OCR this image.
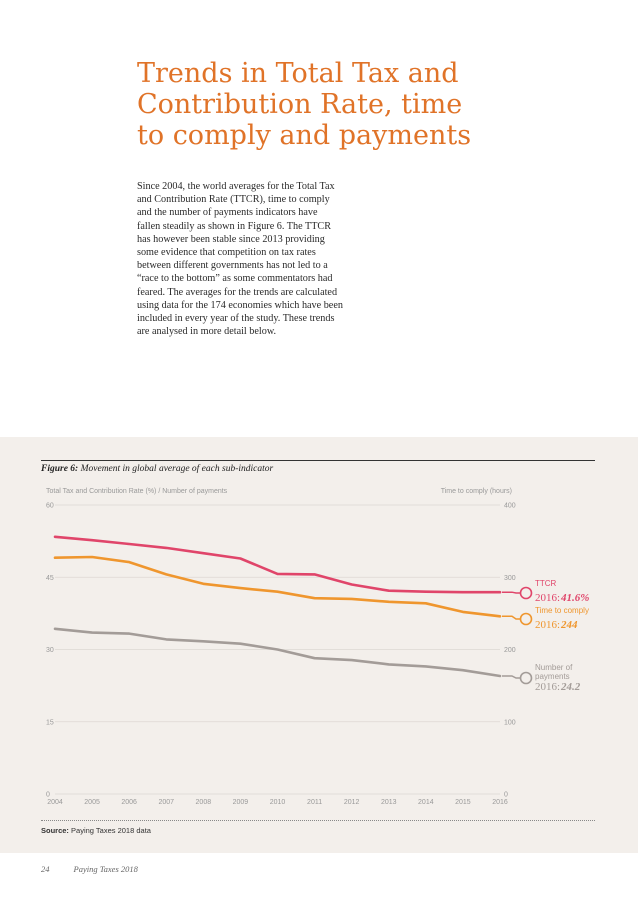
Trends in Total Tax and
Contribution Rate, time
to comply and payments
Since 2004, the world averages for the Total Tax
and Contribution Rate (TTCR), time to comply
and the number of payments indicators have
fallen steadily as shown in Figure 6. The TTCR
has however been stable since 2013 providing
some evidence that competition on tax rates
between different governments has not led to a
“race to the bottom” as some commentators had
feared. The averages for the trends are calculated
using data for the 174 economies which have been
included in every year of the study. These trends
are analysed in more detail below.
Figure 6: Movement in global average of each sub-indicator
Total Tax and Contribution Rate (%) / Number of payments	Time to comply (hours)
0	0
15	100
30	200
45	300
60	400
2004	2005	2006	2007	2008	2009	2010	2011	2012	2013	2014	2015	2016
TTCR
2016: 41.6%
Time to comply
2016: 244
Number of
payments
2016: 24.2
Source: Paying Taxes 2018 data
24	Paying Taxes 2018
